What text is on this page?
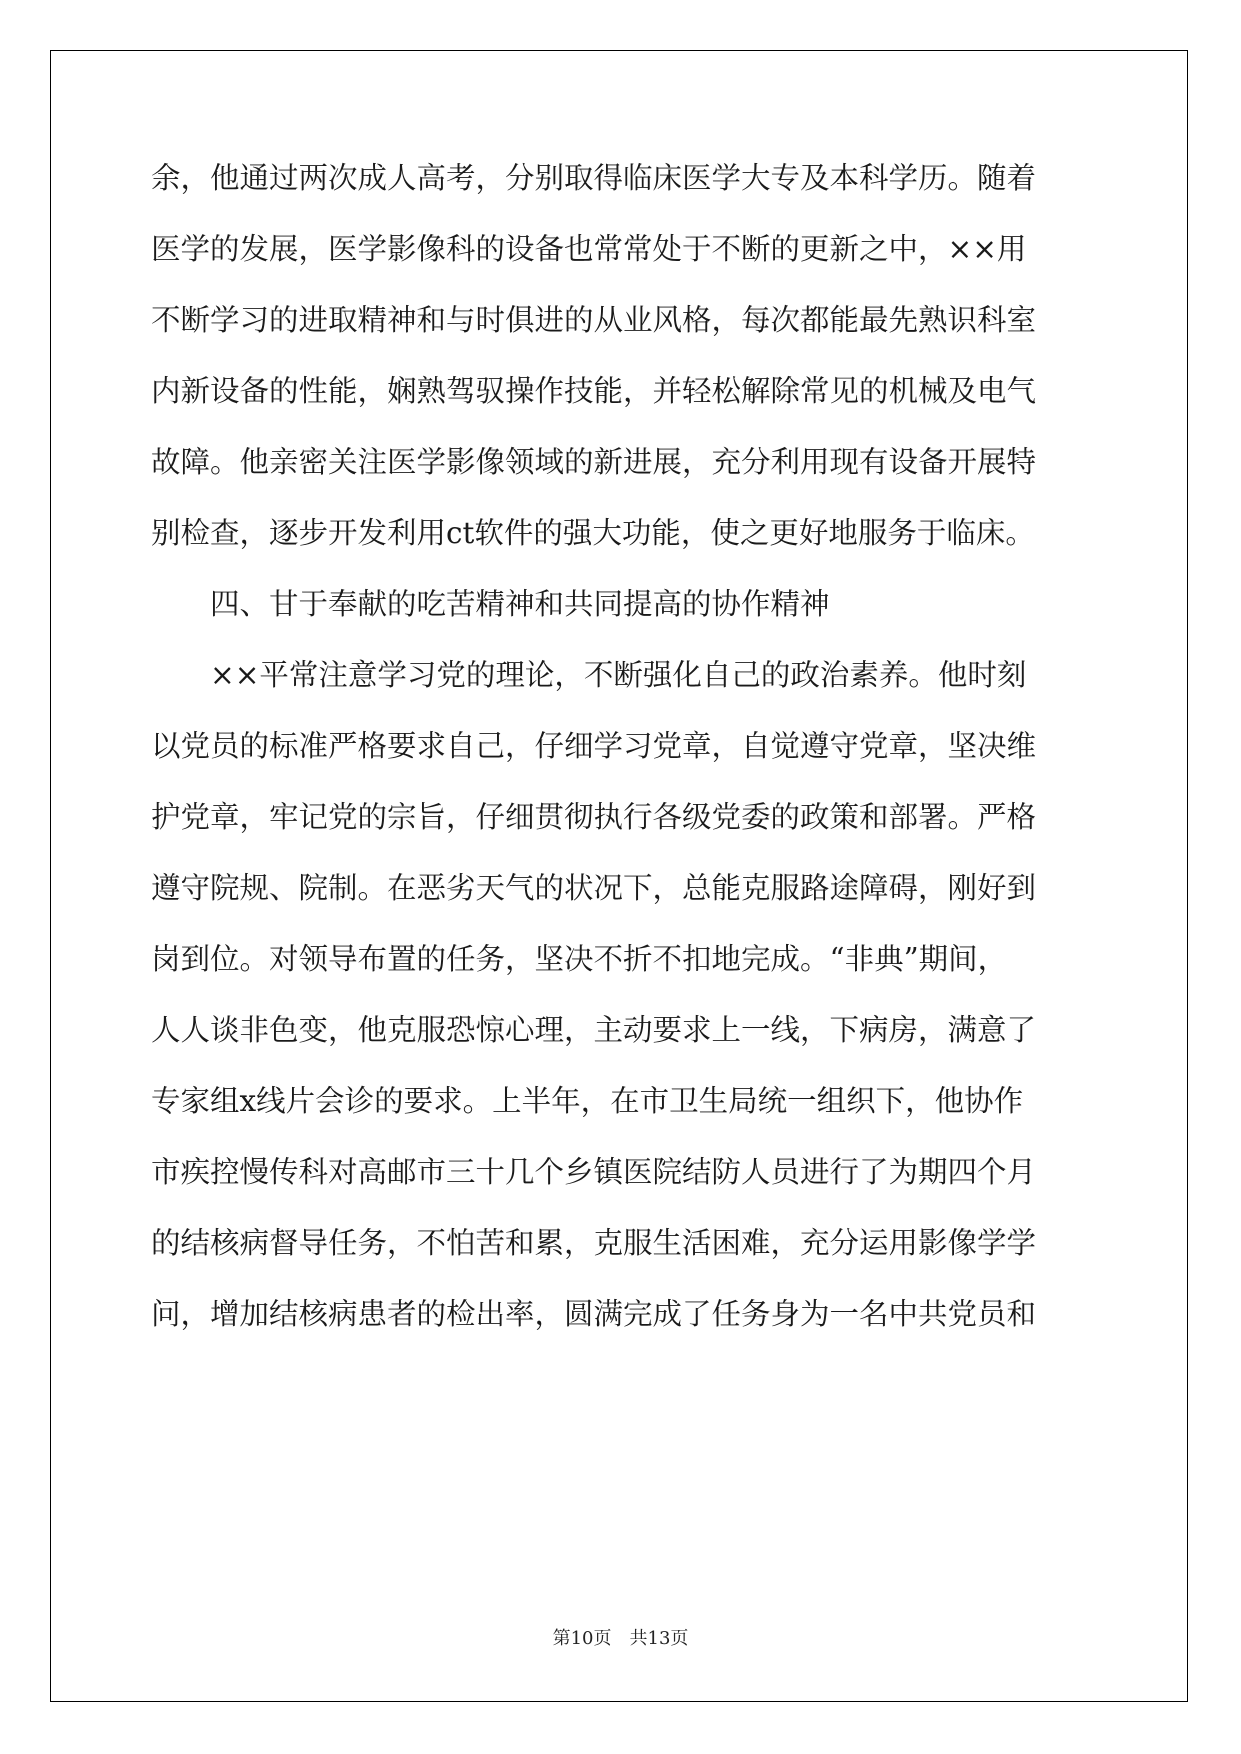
余，他通过两次成人高考，分别取得临床医学大专及本科学历。随着
医学的发展，医学影像科的设备也常常处于不断的更新之中，××用
不断学习的进取精神和与时俱进的从业风格，每次都能最先熟识科室
内新设备的性能，娴熟驾驭操作技能，并轻松解除常见的机械及电气
故障。他亲密关注医学影像领域的新进展，充分利用现有设备开展特
别检查，逐步开发利用ct软件的强大功能，使之更好地服务于临床。
　　四、甘于奉献的吃苦精神和共同提高的协作精神
　　××平常注意学习党的理论，不断强化自己的政治素养。他时刻
以党员的标准严格要求自己，仔细学习党章，自觉遵守党章，坚决维
护党章，牢记党的宗旨，仔细贯彻执行各级党委的政策和部署。严格
遵守院规、院制。在恶劣天气的状况下，总能克服路途障碍，刚好到
岗到位。对领导布置的任务，坚决不折不扣地完成。“非典”期间，
人人谈非色变，他克服恐惊心理，主动要求上一线，下病房，满意了
专家组x线片会诊的要求。上半年，在市卫生局统一组织下，他协作
市疾控慢传科对高邮市三十几个乡镇医院结防人员进行了为期四个月
的结核病督导任务，不怕苦和累，克服生活困难，充分运用影像学学
问，增加结核病患者的检出率，圆满完成了任务身为一名中共党员和
第10页　共13页
